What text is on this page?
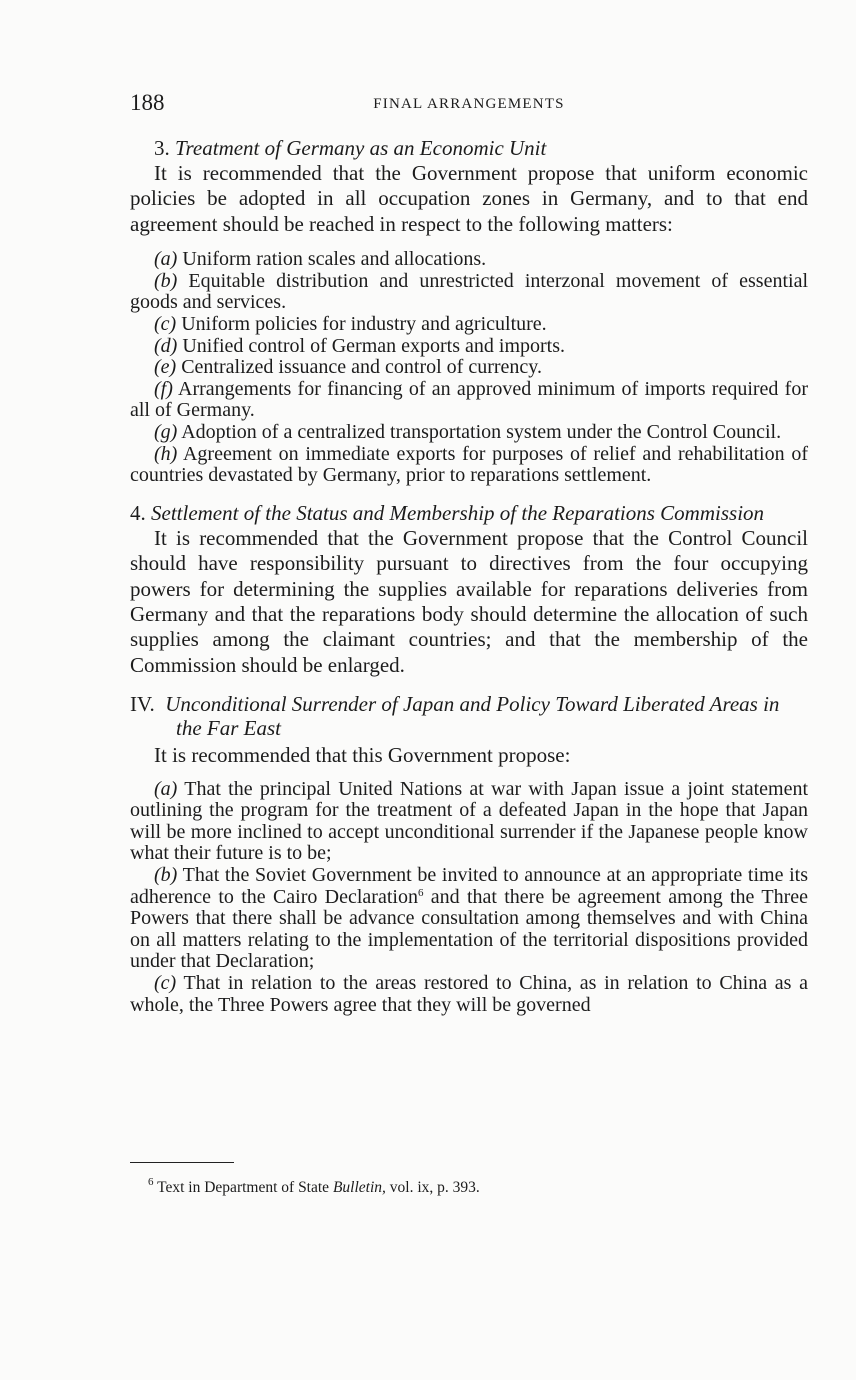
188	FINAL ARRANGEMENTS
3. Treatment of Germany as an Economic Unit

It is recommended that the Government propose that uniform economic policies be adopted in all occupation zones in Germany, and to that end agreement should be reached in respect to the following matters:

(a) Uniform ration scales and allocations.

(b) Equitable distribution and unrestricted interzonal movement of essential goods and services.

(c) Uniform policies for industry and agriculture.

(d) Unified control of German exports and imports.

(e) Centralized issuance and control of currency.

(f) Arrangements for financing of an approved minimum of imports required for all of Germany.

(g) Adoption of a centralized transportation system under the Control Council.

(h) Agreement on immediate exports for purposes of relief and rehabilitation of countries devastated by Germany, prior to reparations settlement.

4. Settlement of the Status and Membership of the Reparations Commission

It is recommended that the Government propose that the Control Council should have responsibility pursuant to directives from the four occupying powers for determining the supplies available for reparations deliveries from Germany and that the reparations body should determine the allocation of such supplies among the claimant countries; and that the membership of the Commission should be enlarged.

IV. Unconditional Surrender of Japan and Policy Toward Liberated Areas in the Far East

It is recommended that this Government propose:

(a) That the principal United Nations at war with Japan issue a joint statement outlining the program for the treatment of a defeated Japan in the hope that Japan will be more inclined to accept unconditional surrender if the Japanese people know what their future is to be;

(b) That the Soviet Government be invited to announce at an appropriate time its adherence to the Cairo Declaration$^6$ and that there be agreement among the Three Powers that there shall be advance consultation among themselves and with China on all matters relating to the implementation of the territorial dispositions provided under that Declaration;

(c) That in relation to the areas restored to China, as in relation to China as a whole, the Three Powers agree that they will be governed

$^6$ Text in Department of State Bulletin, vol. ix, p. 393.
